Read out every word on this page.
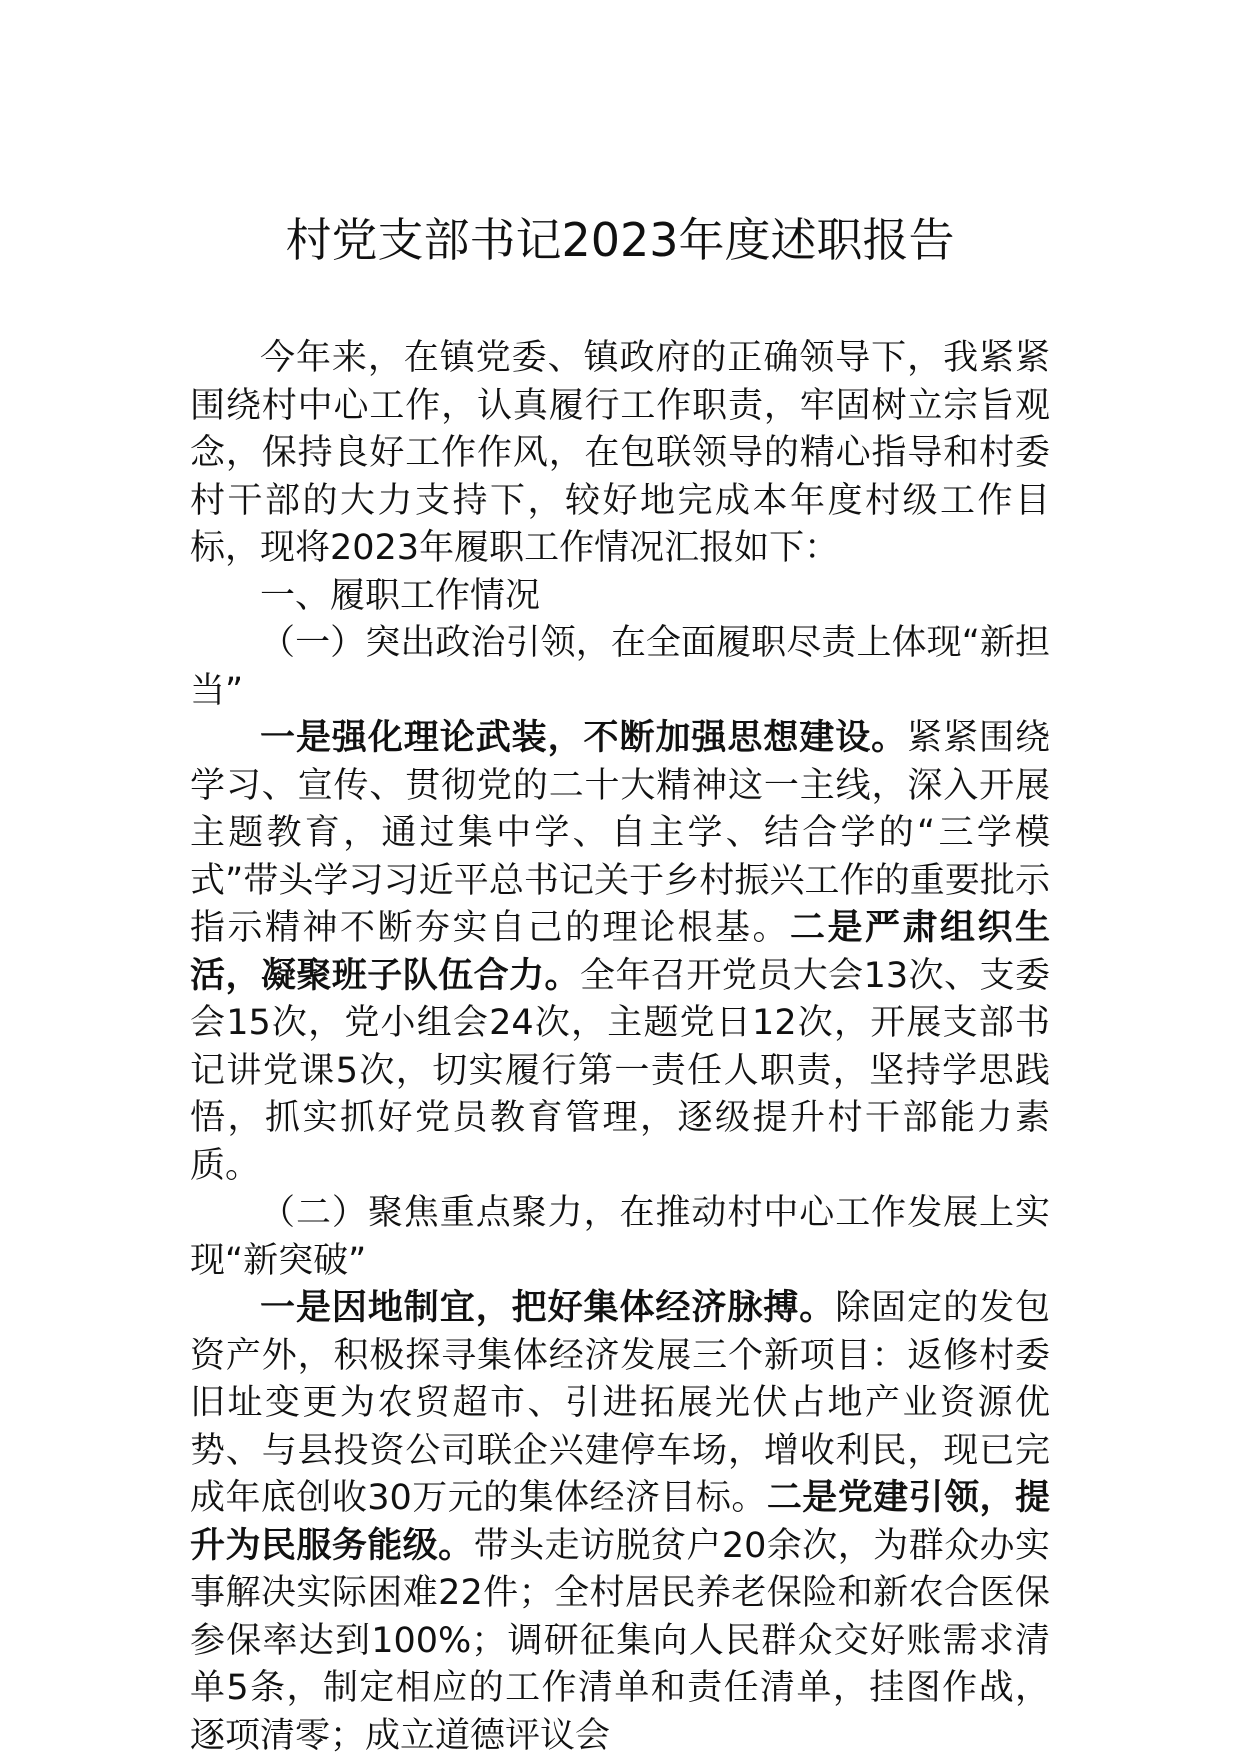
村党支部书记2023年度述职报告

今年来，在镇党委、镇政府的正确领导下，我紧紧围绕村中心工作，认真履行工作职责，牢固树立宗旨观念，保持良好工作作风，在包联领导的精心指导和村委村干部的大力支持下，较好地完成本年度村级工作目标，现将2023年履职工作情况汇报如下：

一、履职工作情况

（一）突出政治引领，在全面履职尽责上体现“新担当”

一是强化理论武装，不断加强思想建设。紧紧围绕学习、宣传、贯彻党的二十大精神这一主线，深入开展主题教育，通过集中学、自主学、结合学的“三学模式”带头学习习近平总书记关于乡村振兴工作的重要批示指示精神不断夯实自己的理论根基。二是严肃组织生活，凝聚班子队伍合力。全年召开党员大会13次、支委会15次，党小组会24次，主题党日12次，开展支部书记讲党课5次，切实履行第一责任人职责，坚持学思践悟，抓实抓好党员教育管理，逐级提升村干部能力素质。

（二）聚焦重点聚力，在推动村中心工作发展上实现“新突破”

一是因地制宜，把好集体经济脉搏。除固定的发包资产外，积极探寻集体经济发展三个新项目：返修村委旧址变更为农贸超市、引进拓展光伏占地产业资源优势、与县投资公司联企兴建停车场，增收利民，现已完成年底创收30万元的集体经济目标。二是党建引领，提升为民服务能级。带头走访脱贫户20余次，为群众办实事解决实际困难22件；全村居民养老保险和新农合医保参保率达到100%；调研征集向人民群众交好账需求清单5条，制定相应的工作清单和责任清单，挂图作战，逐项清零；成立道德评议会
